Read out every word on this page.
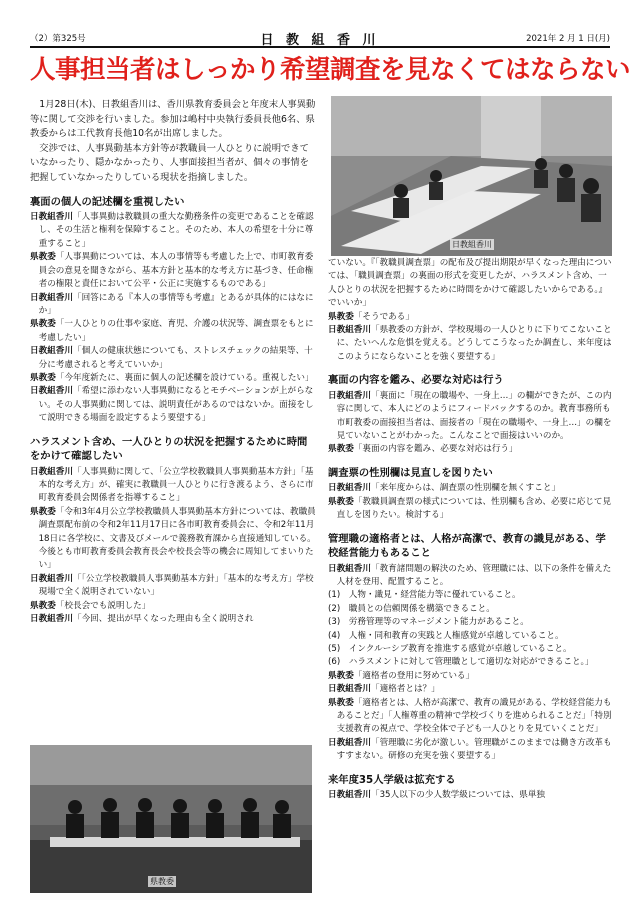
（2）第325号	日 教 組 香 川	2021年 2 月 1 日(月)
人事担当者はしっかり希望調査を見なくてはならない
日教組香川

1月28日(木)、日教組香川は、香川県教育委員会と年度末人事異動等に関して交渉を行いました。参加は嶋村中央執行委員長他6名、県教委からは工代教育長他10名が出席しました。

交渉では、人事異動基本方針等が教職員一人ひとりに説明できていなかったり、隠かなかったり、人事面接担当者が、個々の事情を把握していなかったりしている現状を指摘しました。

裏面の個人の記述欄を重視したい

日教組香川「人事異動は教職員の重大な勤務条件の変更であることを確認し、その生活と権利を保障すること。そのため、本人の希望を十分に尊重すること」

県教委「人事異動については、本人の事情等も考慮した上で、市町教育委員会の意見を聞きながら、基本方針と基本的な考え方に基づき、任命権者の権限と責任において公平・公正に実施するものである」

日教組香川「回答にある『本人の事情等も考慮』とあるが具体的にはなにか」

県教委「一人ひとりの仕事や家庭、育児、介護の状況等、調査票をもとに考慮したい」

日教組香川「個人の健康状態についても、ストレスチェックの結果等、十分に考慮されると考えていいか」

県教委「今年度新たに、裏面に個人の記述欄を設けている。重視したい」

日教組香川「希望に添わない人事異動になるとモチベーションが上がらない。その人事異動に関しては、説明責任があるのではないか。面接をして説明できる場面を設定するよう要望する」

ハラスメント含め、一人ひとりの状況を把握するために時間をかけて確認したい

日教組香川「人事異動に関して、「公立学校教職員人事異動基本方針」「基本的な考え方」が、確実に教職員一人ひとりに行き渡るよう、さらに市町教育委員会関係者を指導すること」

県教委「令和3年4月公立学校教職員人事異動基本方針については、教職員調査票配布前の令和2年11月17日に各市町教育委員会に、令和2年11月18日に各学校に、文書及びメールで義務教育課から直接通知している。今後とも市町教育委員会教育長会や校長会等の機会に周知してまいりたい」

日教組香川「「公立学校教職員人事異動基本方針」「基本的な考え方」学校現場で全く説明されていない」

県教委「校長会でも説明した」

日教組香川「今回、提出が早くなった理由も全く説明され

県教委

ていない。『「教職員調査票」の配布及び提出期限が早くなった理由については、「職員調査票」の裏面の形式を変更したが、ハラスメント含め、一人ひとりの状況を把握するために時間をかけて確認したいからである。』でいいか」

県教委「そうである」

日教組香川「県教委の方針が、学校現場の一人ひとりに下りてこないことに、たいへんな危惧を覚える。どうしてこうなったか調査し、来年度はこのようにならないことを強く要望する」

裏面の内容を鑑み、必要な対応は行う

日教組香川「裏面に「現在の職場や、一身上…」の欄ができたが、この内容に関して、本人にどのようにフィードバックするのか。教育事務所も市町教委の面接担当者は、面接者の「現在の職場や、一身上…」の欄を見ていないことがわかった。こんなことで面接はいいのか。

県教委「裏面の内容を鑑み、必要な対応は行う」

調査票の性別欄は見直しを図りたい

日教組香川「来年度からは、調査票の性別欄を無くすこと」

県教委「教職員調査票の様式については、性別欄も含め、必要に応じて見直しを図りたい。検討する」

管理職の適格者とは、人格が高潔で、教育の識見がある、学校経営能力もあること

日教組香川「教育諸問題の解決のため、管理職には、以下の条件を備えた人材を登用、配置すること。

(1)　人物・識見・経営能力等に優れていること。

(2)　職員との信頼関係を構築できること。

(3)　労務管理等のマネージメント能力があること。

(4)　人権・同和教育の実践と人権感覚が卓越していること。

(5)　インクルーシブ教育を推進する感覚が卓越していること。

(6)　ハラスメントに対して管理職として適切な対応ができること。」

県教委「適格者の登用に努めている」

日教組香川「適格者とは？」

県教委「適格者とは、人格が高潔で、教育の識見がある、学校経営能力もあることだ」「人権尊重の精神で学校づくりを進められることだ」「特別支援教育の視点で、学校全体で子ども一人ひとりを見ていくことだ」

日教組香川「管理職に劣化が激しい。管理職がこのままでは働き方改革もすすまない。研修の充実を強く要望する」

来年度35人学級は拡充する

日教組香川「35人以下の少人数学級については、県単独
